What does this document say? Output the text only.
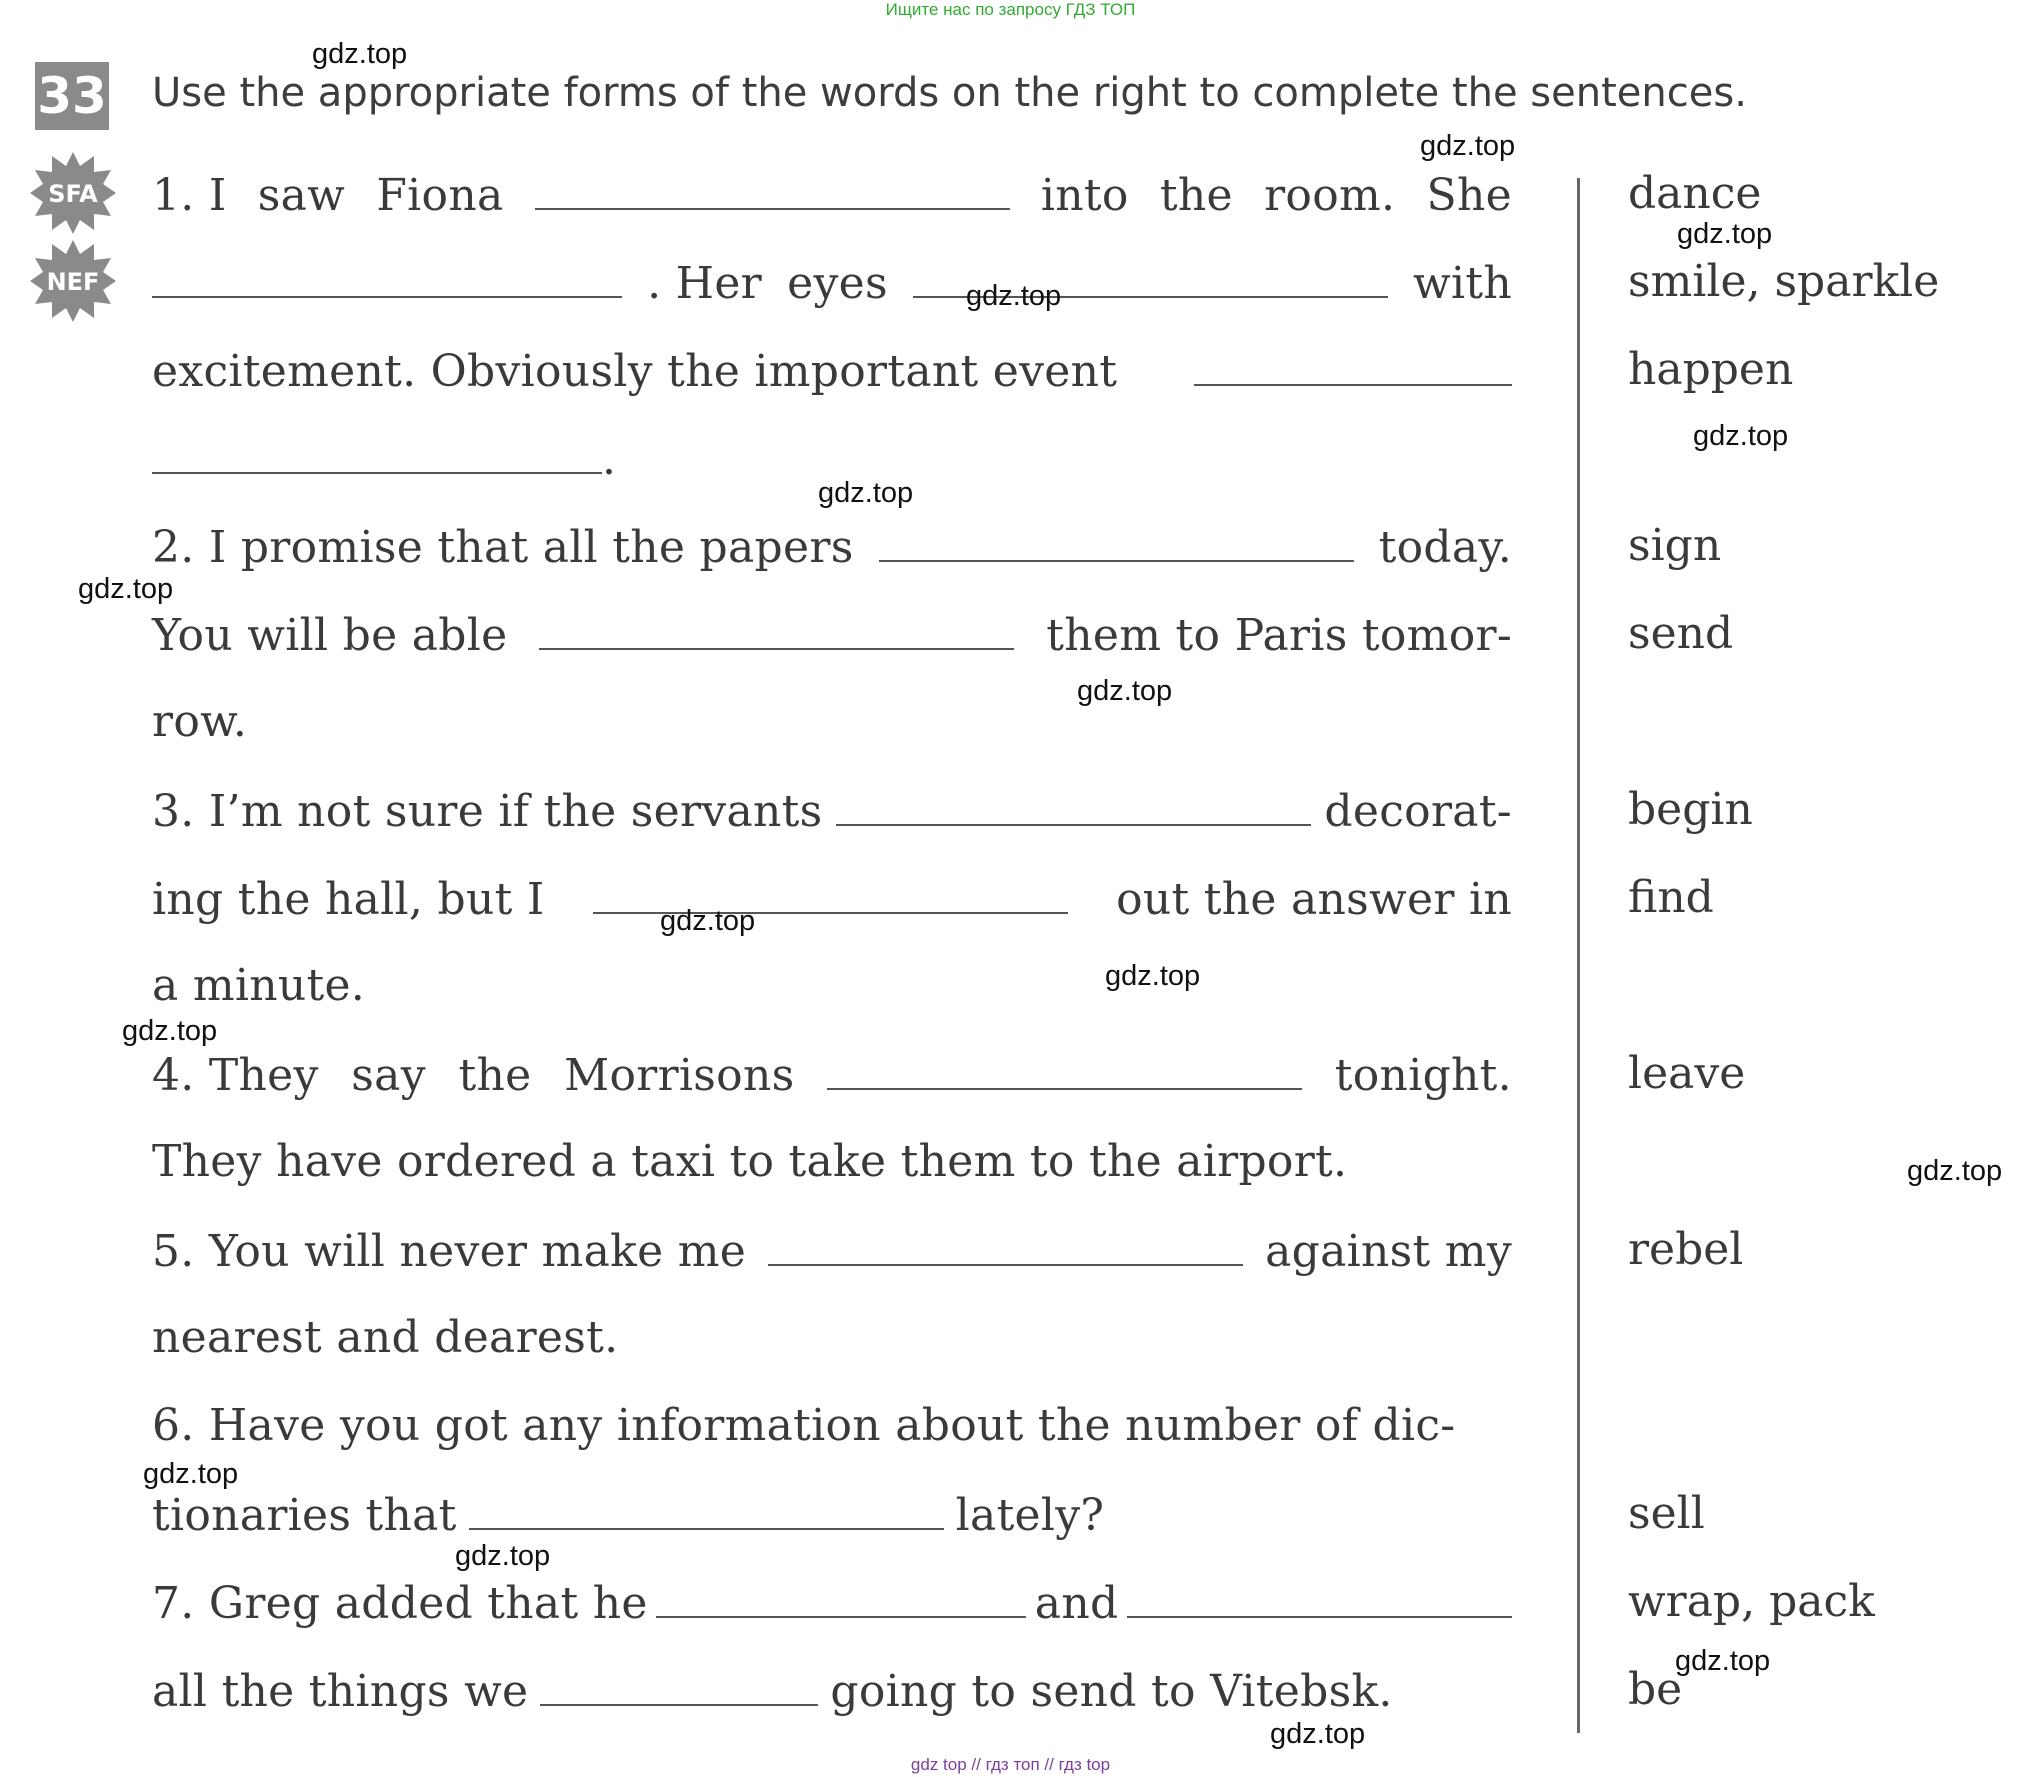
Ищите нас по запросу ГДЗ ТОП
33
SFA
NEF
Use the appropriate forms of the words on the right to complete the sentences.
1. I saw Fiona	into the room. She
. Her eyes	with
excitement. Obviously the important event
.
2. I promise that all the papers	today.
You will be able	them to Paris tomor-
row.
3. I’m not sure if the servants	decorat-
ing the hall, but I	out the answer in
a minute.
4. They say the Morrisons	tonight.
They have ordered a taxi to take them to the airport.
5. You will never make me	against my
nearest and dearest.
6. Have you got any information about the number of dic-
tionaries that	lately?
7. Greg added that he	and
all the things we	going to send to Vitebsk.
dance
smile, sparkle
happen
sign
send
begin
find
leave
rebel
sell
wrap, pack
be
gdz.top
gdz.top
gdz.top
gdz.top
gdz.top
gdz.top
gdz.top
gdz.top
gdz.top
gdz.top
gdz.top
gdz.top
gdz.top
gdz.top
gdz.top
gdz.top
gdz top // гдз топ // гдз top
